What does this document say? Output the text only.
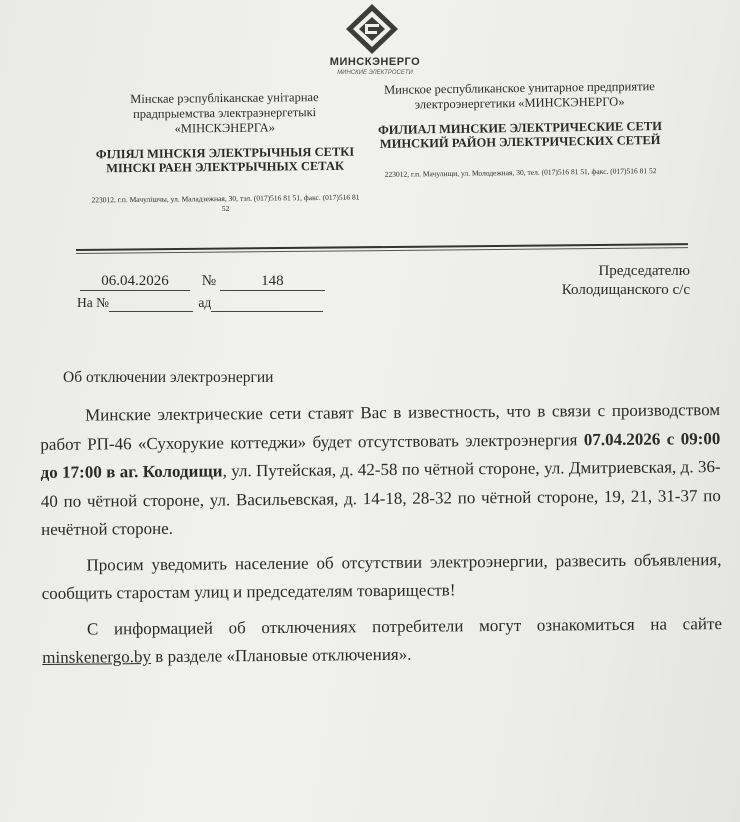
МИНСКЭНЕРГО
МИНСКИЕ ЭЛЕКТРОСЕТИ
Мінскае рэспубліканскае унітарнае прадпрыемства электраэнергетыкі «МІНСКЭНЕРГА»
ФІЛІЯЛ МІНСКІЯ ЭЛЕКТРЫЧНЫЯ СЕТКІ МІНСКІ РАЕН ЭЛЕКТРЫЧНЫХ СЕТАК
223012, г.п. Мачулішчы, ул. Маладзежная, 30, тэл. (017)516 81 51, факс. (017)516 81 52
Минское республиканское унитарное предприятие электроэнергетики «МИНСКЭНЕРГО»
ФИЛИАЛ МИНСКИЕ ЭЛЕКТРИЧЕСКИЕ СЕТИ МИНСКИЙ РАЙОН ЭЛЕКТРИЧЕСКИХ СЕТЕЙ
223012, г.п. Мачулищи, ул. Молодежная, 30, тел. (017)516 81 51, факс. (017)516 81 52
06.04.2026 №	148
На №	ад
Председателю
Колодищанского с/с
Об отключении электроэнергии

Минские электрические сети ставят Вас в известность, что в связи с производством работ РП-46 «Сухорукие коттеджи» будет отсутствовать электроэнергия 07.04.2026 с 09:00 до 17:00 в аг. Колодищи, ул. Путейская, д. 42-58 по чётной стороне, ул. Дмитриевская, д. 36-40 по чётной стороне, ул. Васильевская, д. 14-18, 28-32 по чётной стороне, 19, 21, 31-37 по нечётной стороне.

Просим уведомить население об отсутствии электроэнергии, развесить объявления, сообщить старостам улиц и председателям товариществ!

С информацией об отключениях потребители могут ознакомиться на сайте minskenergo.by в разделе «Плановые отключения».
